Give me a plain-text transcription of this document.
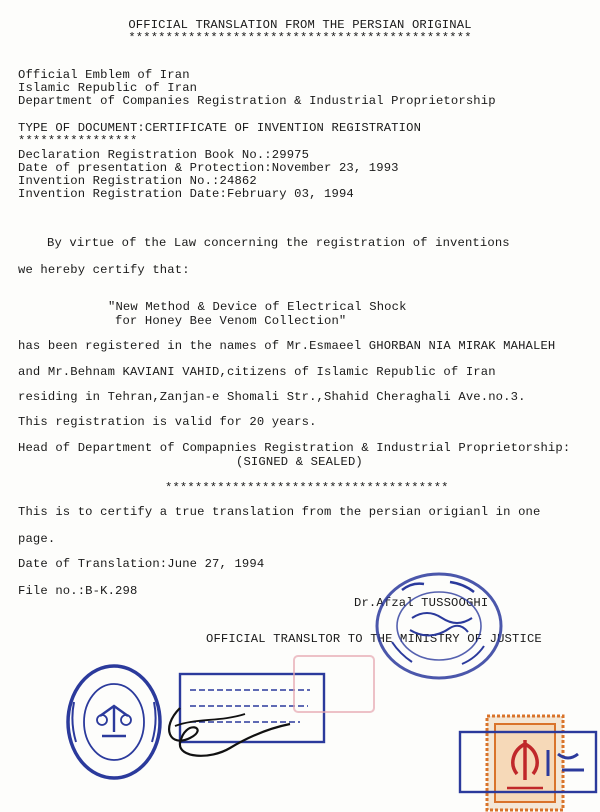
OFFICIAL TRANSLATION FROM THE PERSIAN ORIGINAL
**********************************************
Official Emblem of Iran
Islamic Republic of Iran
Department of Companies Registration & Industrial Proprietorship
TYPE OF DOCUMENT:CERTIFICATE OF INVENTION REGISTRATION
****************
Declaration Registration Book No.:29975
Date of presentation & Protection:November 23, 1993
Invention Registration No.:24862
Invention Registration Date:February 03, 1994
By virtue of the Law concerning the registration of inventions
we hereby certify that:
"New Method & Device of Electrical Shock
for Honey Bee Venom Collection"
has been registered in the names of Mr.Esmaeel GHORBAN NIA MIRAK MAHALEH
and Mr.Behnam KAVIANI VAHID,citizens of Islamic Republic of Iran
residing in Tehran,Zanjan-e Shomali Str.,Shahid Cheraghali Ave.no.3.
This registration is valid for 20 years.
Head of Department of Compapnies Registration & Industrial Proprietorship:
(SIGNED & SEALED)
**************************************
This is to certify a true translation from the persian origianl in one
page.
Date of Translation:June 27, 1994
File no.:B-K.298
Dr.Afzal TUSSOOGHI
OFFICIAL TRANSLTOR TO THE MINISTRY OF JUSTICE
